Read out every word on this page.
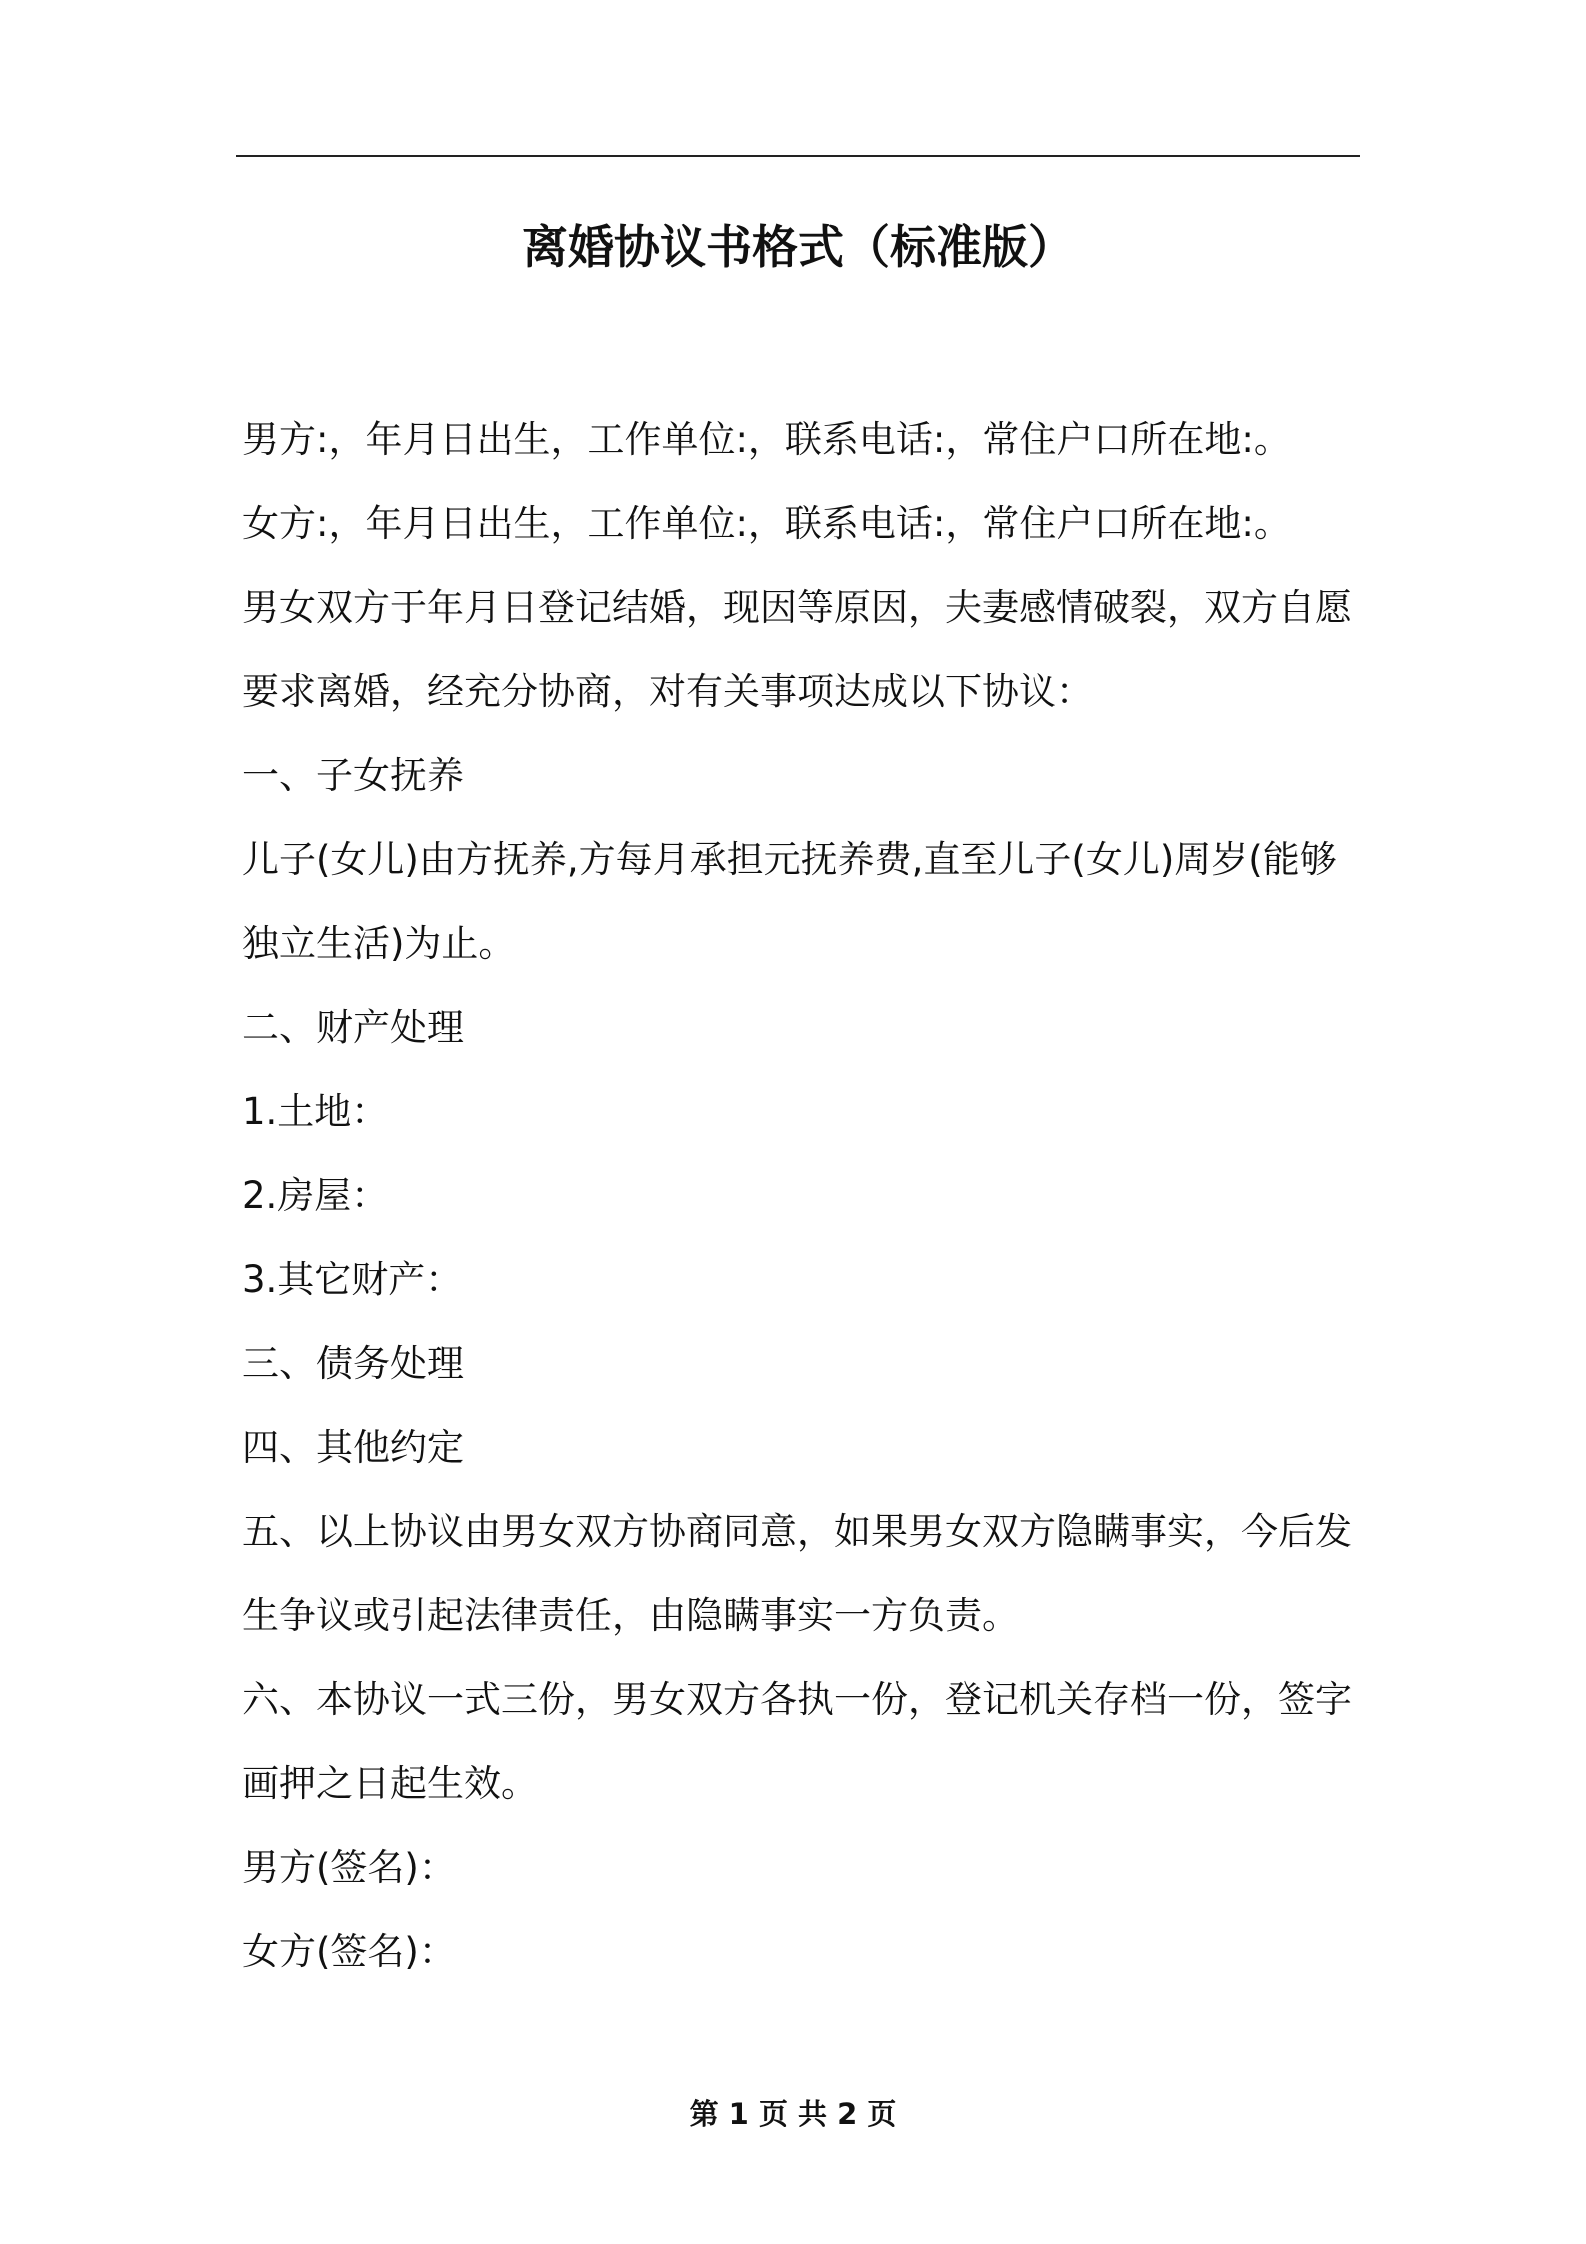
离婚协议书格式（标准版）
男方:，年月日出生，工作单位:，联系电话:，常住户口所在地:。
女方:，年月日出生，工作单位:，联系电话:，常住户口所在地:。
男女双方于年月日登记结婚，现因等原因，夫妻感情破裂，双方自愿
要求离婚，经充分协商，对有关事项达成以下协议：
一、子女抚养
儿子(女儿)由方抚养,方每月承担元抚养费,直至儿子(女儿)周岁(能够
独立生活)为止。
二、财产处理
1.土地：
2.房屋：
3.其它财产：
三、债务处理
四、其他约定
五、以上协议由男女双方协商同意，如果男女双方隐瞒事实，今后发
生争议或引起法律责任，由隐瞒事实一方负责。
六、本协议一式三份，男女双方各执一份，登记机关存档一份，签字
画押之日起生效。
男方(签名)：
女方(签名)：
第 1 页 共 2 页
